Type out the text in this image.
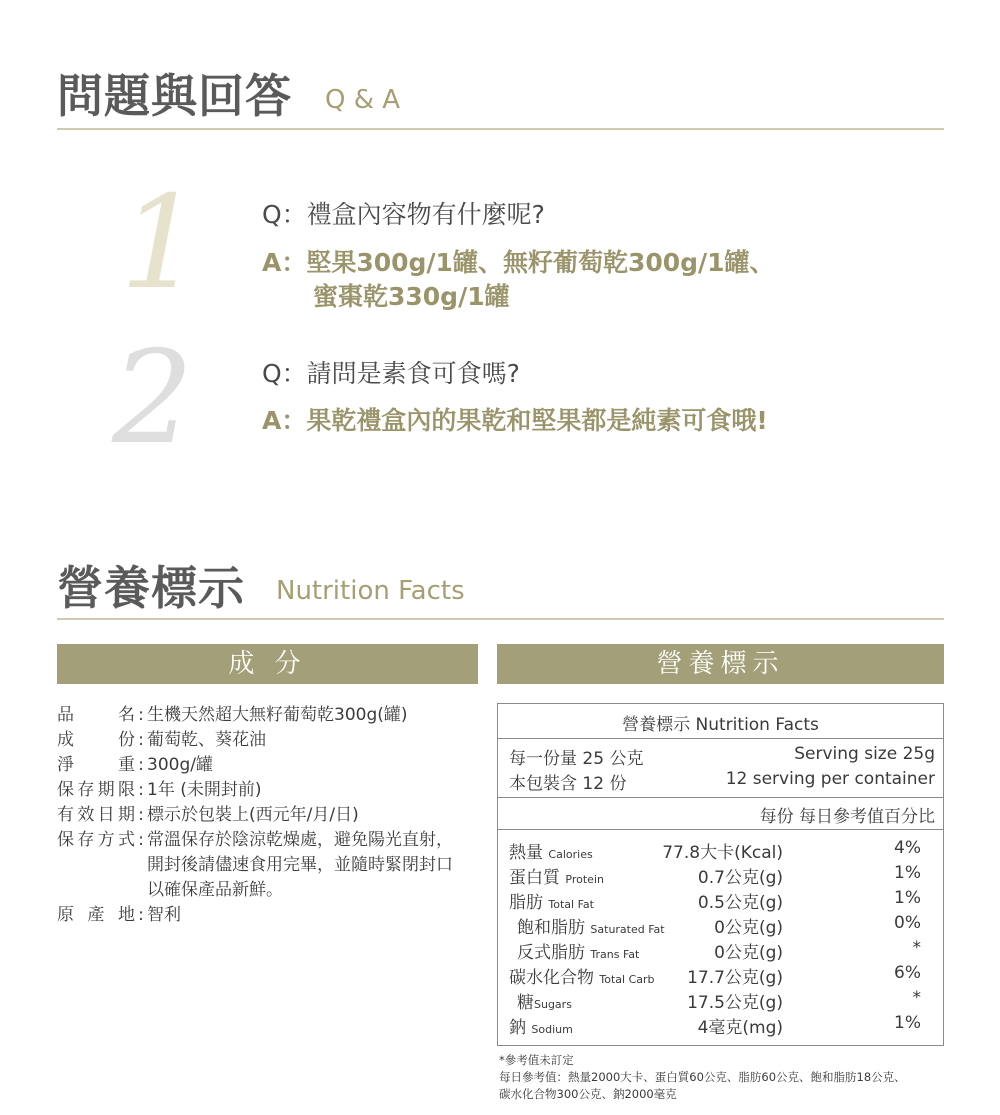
問題與回答 Q & A
1 Q：禮盒內容物有什麼呢?
A：堅果300g/1罐、無籽葡萄乾300g/1罐、
蜜棗乾330g/1罐
2	Q：請問是素食可食嗎?
A：果乾禮盒內的果乾和堅果都是純素可食哦!
營養標示 Nutrition Facts
成 分	營養標示
品名 : 生機天然超大無籽葡萄乾300g(罐)
成份 : 葡萄乾、葵花油
淨重 : 300g/罐
保存期限 : 1年 (未開封前)
有效日期 : 標示於包裝上(西元年/月/日)
保存方式 : 常溫保存於陰涼乾燥處，避免陽光直射，
開封後請儘速食用完畢，並隨時緊閉封口
以確保產品新鮮。
原產地 : 智利
營養標示 Nutrition Facts
每一份量 25 公克	Serving size 25g
本包裝含 12 份	12 serving per container
每份 每日參考值百分比
熱量 Calories	77.8大卡(Kcal)	4%
蛋白質 Protein	0.7公克(g)	1%
脂肪 Total Fat	0.5公克(g)	1%
飽和脂肪 Saturated Fat	0公克(g)	0%
反式脂肪 Trans Fat	0公克(g)	*
碳水化合物 Total Carb 17.7公克(g)	6%
糖Sugars	17.5公克(g)	*
鈉 Sodium	4毫克(mg)	1%
*參考值未訂定
每日參考值：熱量2000大卡、蛋白質60公克、脂肪60公克、飽和脂肪18公克、
碳水化合物300公克、鈉2000毫克
